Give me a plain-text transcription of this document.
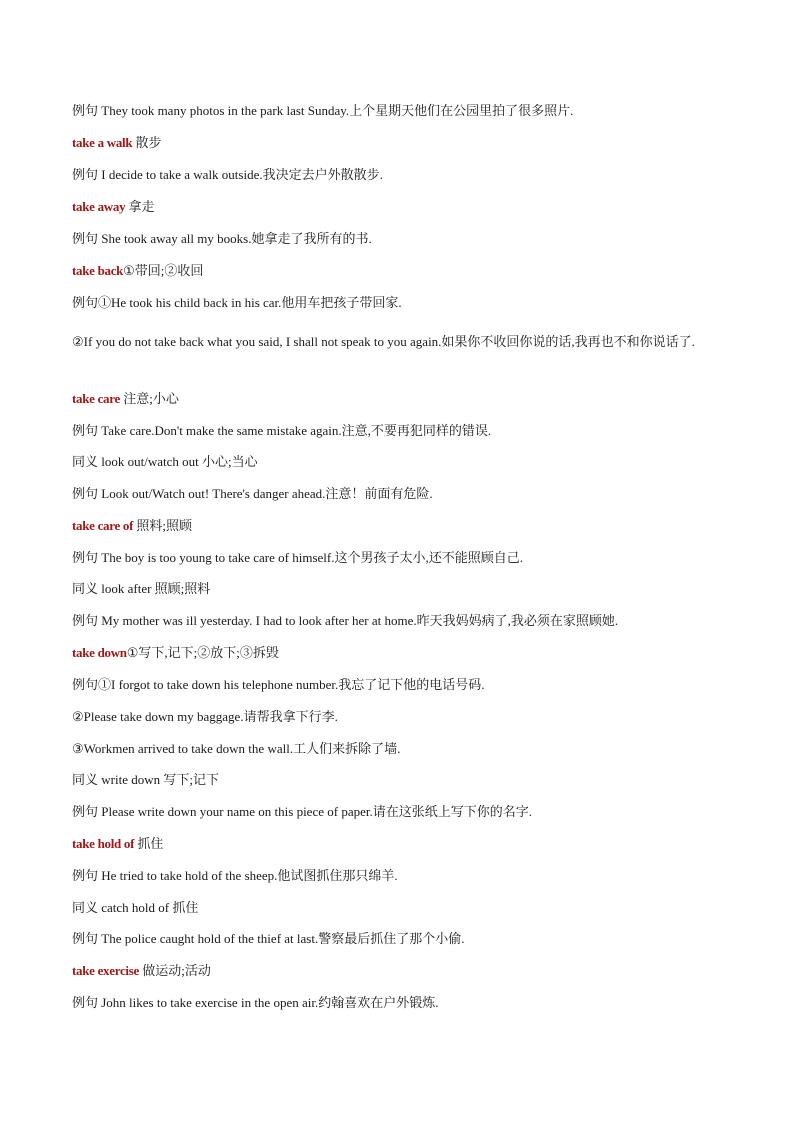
例句 They took many photos in the park last Sunday.上个星期天他们在公园里拍了很多照片.
take a walk 散步
例句 I decide to take a walk outside.我决定去户外散散步.
take away 拿走
例句 She took away all my books.她拿走了我所有的书.
take back①带回;②收回
例句①He took his child back in his car.他用车把孩子带回家.
②If you do not take back what you said, I shall not speak to you again.如果你不收回你说的话,我再也不和你说话了.
take care 注意;小心
例句 Take care.Don't make the same mistake again.注意,不要再犯同样的错误.
同义 look out/watch out 小心;当心
例句 Look out/Watch out! There's danger ahead.注意！前面有危险.
take care of 照料;照顾
例句 The boy is too young to take care of himself.这个男孩子太小,还不能照顾自己.
同义 look after 照顾;照料
例句 My mother was ill yesterday. I had to look after her at home.昨天我妈妈病了,我必须在家照顾她.
take down①写下,记下;②放下;③拆毁
例句①I forgot to take down his telephone number.我忘了记下他的电话号码.
②Please take down my baggage.请帮我拿下行李.
③Workmen arrived to take down the wall.工人们来拆除了墙.
同义 write down 写下;记下
例句 Please write down your name on this piece of paper.请在这张纸上写下你的名字.
take hold of 抓住
例句 He tried to take hold of the sheep.他试图抓住那只绵羊.
同义 catch hold of 抓住
例句 The police caught hold of the thief at last.警察最后抓住了那个小偷.
take exercise 做运动;活动
例句 John likes to take exercise in the open air.约翰喜欢在户外锻炼.
